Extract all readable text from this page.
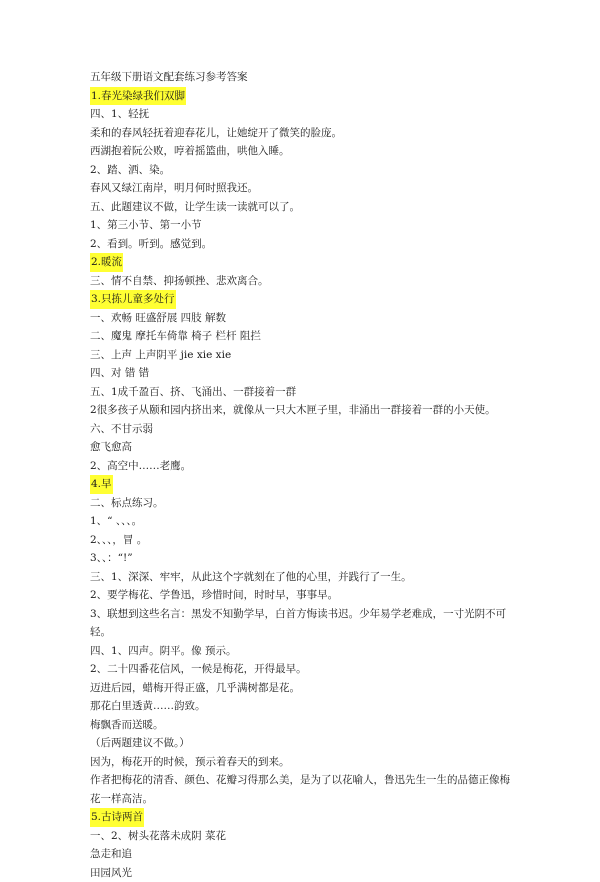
五年级下册语文配套练习参考答案
1.春光染绿我们双脚
四、1、轻抚
柔和的春风轻抚着迎春花儿，让她绽开了微笑的脸庞。
西湖抱着阮公败，哼着摇篮曲，哄他入睡。
2、踏、洒、染。
春风又绿江南岸，明月何时照我还。
五、此题建议不做，让学生读一读就可以了。
1、第三小节、第一小节
2、看到。听到。感觉到。
2.暖流
三、情不自禁、抑扬顿挫、悲欢离合。
3.只拣儿童多处行
一、欢畅 旺盛舒展 四肢 解数
二、魔鬼 摩托车倚靠 椅子 栏杆 阻拦
三、上声 上声阴平 jie xie xie
四、对 错 错
五、1成千盈百、挤、飞涌出、一群接着一群
2很多孩子从颐和园内挤出来，就像从一只大木匣子里，非涌出一群接着一群的小天使。
六、不甘示弱
愈飞愈高
2、高空中……老鹰。
4.早
二、标点练习。
1、“ 、、、。
2、、、，冒 。
3、、：“!”
三、1、深深、牢牢，从此这个字就刻在了他的心里，并践行了一生。
2、要学梅花、学鲁迅，珍惜时间，时时早，事事早。
3、联想到这些名言：黑发不知勤学早，白首方悔读书迟。少年易学老难成，一寸光阴不可轻。
四、1、四声。阴平。像 预示。
2、二十四番花信风，一候是梅花，开得最早。
迈进后园，蜡梅开得正盛，几乎满树都是花。
那花白里透黄……韵致。
梅飘香而送暖。
（后两题建议不做。）
因为，梅花开的时候，预示着春天的到来。
作者把梅花的清香、颜色、花瓣习得那么美，是为了以花喻人，鲁迅先生一生的品德正像梅花一样高洁。
5.古诗两首
一、2、树头花落未成阴 菜花
急走和追
田园风光
